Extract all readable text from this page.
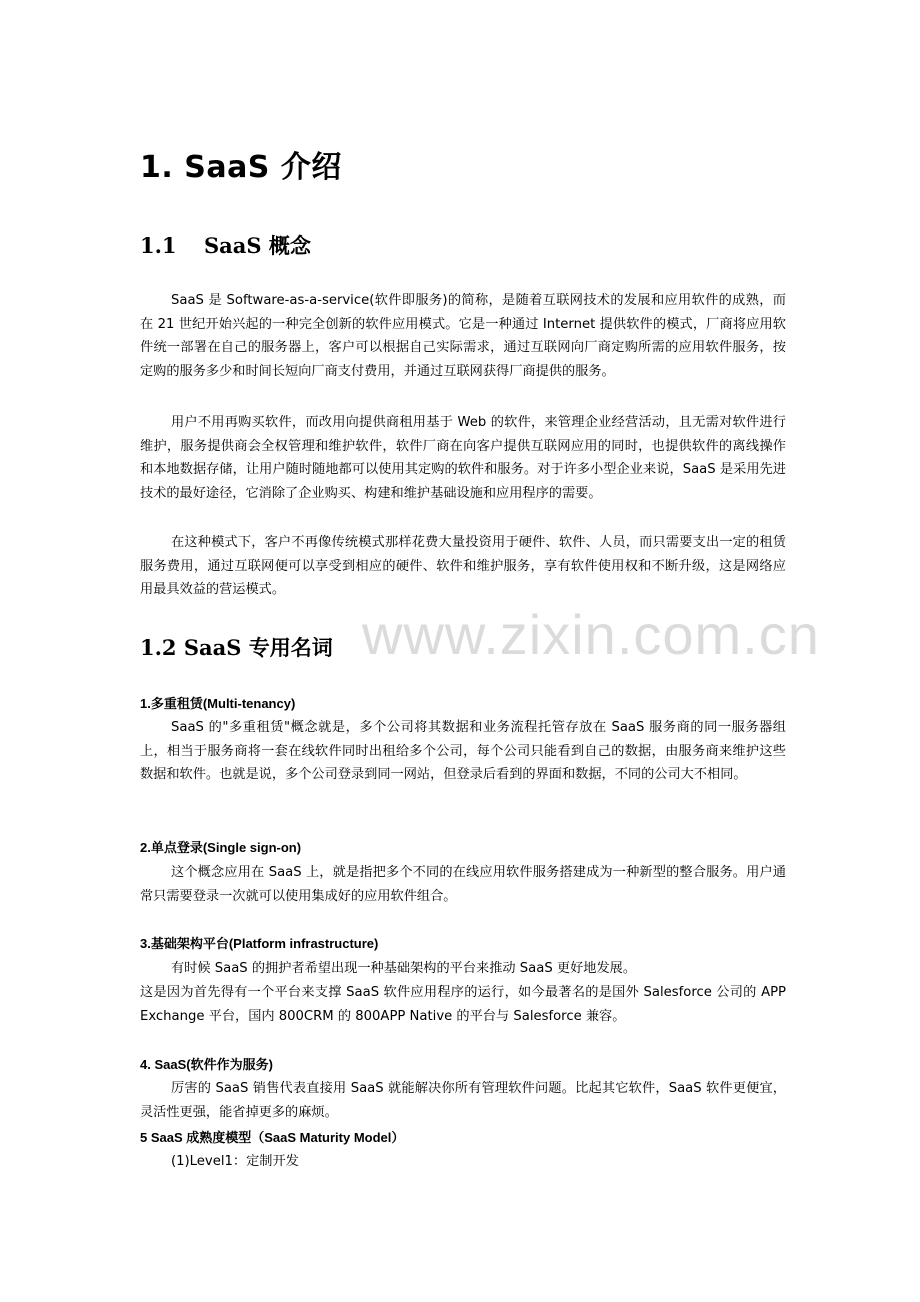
1. SaaS 介绍
1.1 SaaS 概念

SaaS 是 Software-as-a-service(软件即服务)的简称，是随着互联网技术的发展和应用软件的成熟，而在 21 世纪开始兴起的一种完全创新的软件应用模式。它是一种通过 Internet 提供软件的模式，厂商将应用软件统一部署在自己的服务器上，客户可以根据自己实际需求，通过互联网向厂商定购所需的应用软件服务，按定购的服务多少和时间长短向厂商支付费用，并通过互联网获得厂商提供的服务。

用户不用再购买软件，而改用向提供商租用基于 Web 的软件，来管理企业经营活动，且无需对软件进行维护，服务提供商会全权管理和维护软件，软件厂商在向客户提供互联网应用的同时，也提供软件的离线操作和本地数据存储，让用户随时随地都可以使用其定购的软件和服务。对于许多小型企业来说，SaaS 是采用先进技术的最好途径，它消除了企业购买、构建和维护基础设施和应用程序的需要。

在这种模式下，客户不再像传统模式那样花费大量投资用于硬件、软件、人员，而只需要支出一定的租赁服务费用，通过互联网便可以享受到相应的硬件、软件和维护服务，享有软件使用权和不断升级，这是网络应用最具效益的营运模式。

1.2 SaaS 专用名词
1.多重租赁(Multi-tenancy)

SaaS 的"多重租赁"概念就是，多个公司将其数据和业务流程托管存放在 SaaS 服务商的同一服务器组上，相当于服务商将一套在线软件同时出租给多个公司，每个公司只能看到自己的数据，由服务商来维护这些数据和软件。也就是说，多个公司登录到同一网站，但登录后看到的界面和数据，不同的公司大不相同。

2.单点登录(Single sign-on)

这个概念应用在 SaaS 上，就是指把多个不同的在线应用软件服务搭建成为一种新型的整合服务。用户通常只需要登录一次就可以使用集成好的应用软件组合。

3.基础架构平台(Platform infrastructure)

有时候 SaaS 的拥护者希望出现一种基础架构的平台来推动 SaaS 更好地发展。

这是因为首先得有一个平台来支撑 SaaS 软件应用程序的运行，如今最著名的是国外 Salesforce 公司的 APP Exchange 平台，国内 800CRM 的 800APP Native 的平台与 Salesforce 兼容。

4. SaaS(软件作为服务)

厉害的 SaaS 销售代表直接用 SaaS 就能解决你所有管理软件问题。比起其它软件，SaaS 软件更便宜，灵活性更强，能省掉更多的麻烦。

5 SaaS 成熟度模型（SaaS Maturity Model）

(1)Level1：定制开发

www.zixin.com.cn
